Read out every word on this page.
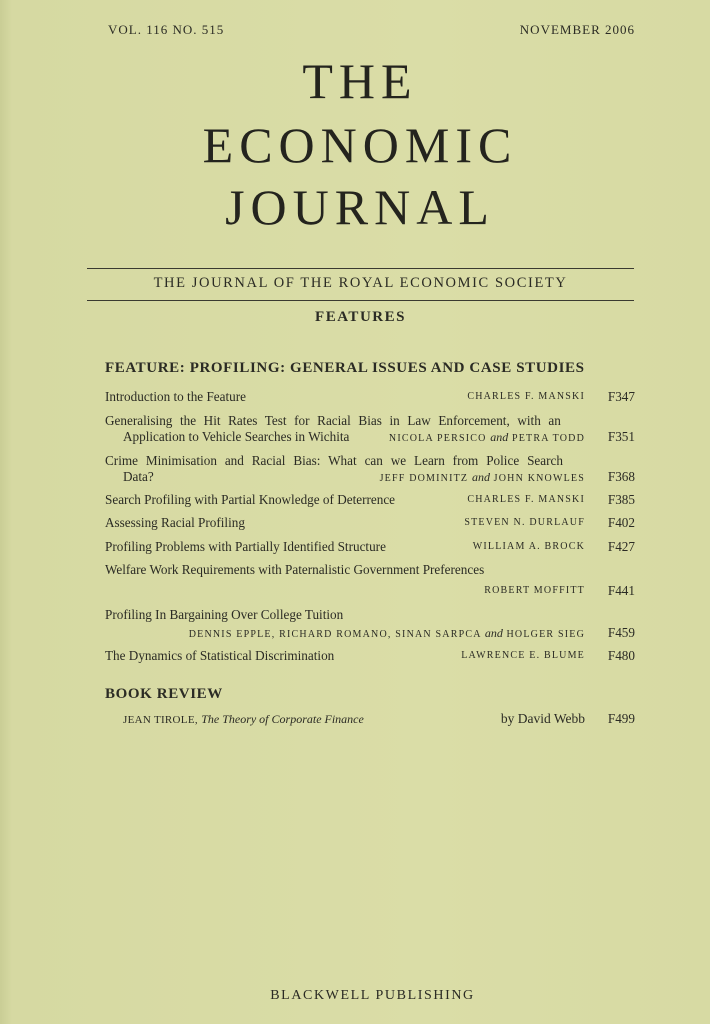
VOL. 116 NO. 515	NOVEMBER 2006
THE
ECONOMIC
JOURNAL
THE JOURNAL OF THE ROYAL ECONOMIC SOCIETY
FEATURES
FEATURE: PROFILING: GENERAL ISSUES AND CASE STUDIES
Introduction to the Feature	CHARLES F. MANSKI F347
Generalising the Hit Rates Test for Racial Bias in Law Enforcement, with an
Application to Vehicle Searches in Wichita	NICOLA PERSICO and PETRA TODD F351
Crime Minimisation and Racial Bias: What can we Learn from Police Search
Data?	JEFF DOMINITZ and JOHN KNOWLES F368
Search Profiling with Partial Knowledge of Deterrence	CHARLES F. MANSKI F385
Assessing Racial Profiling	STEVEN N. DURLAUF F402
Profiling Problems with Partially Identified Structure	WILLIAM A. BROCK F427
Welfare Work Requirements with Paternalistic Government Preferences
ROBERT MOFFITT F441
Profiling In Bargaining Over College Tuition
DENNIS EPPLE, RICHARD ROMANO, SINAN SARPCA and HOLGER SIEG F459
The Dynamics of Statistical Discrimination	LAWRENCE E. BLUME F480
BOOK REVIEW
JEAN TIROLE, The Theory of Corporate Finance	by David Webb F499
BLACKWELL PUBLISHING
